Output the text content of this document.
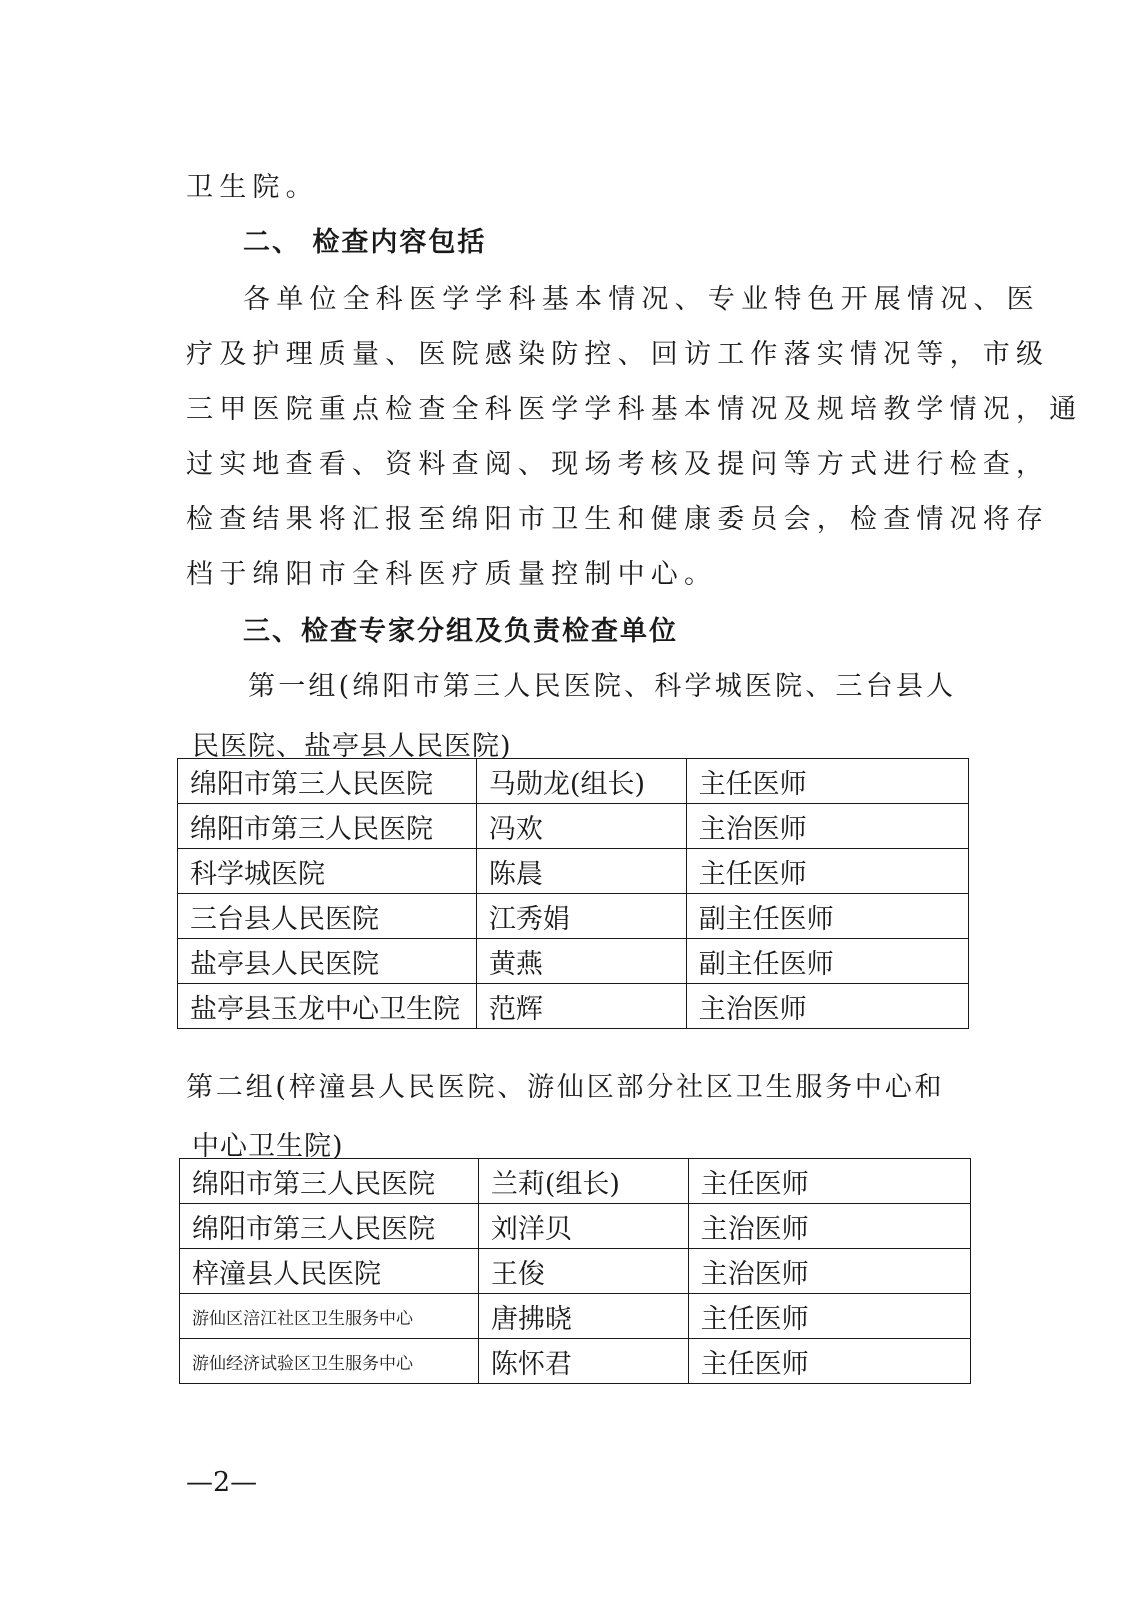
卫生院。

二、 检查内容包括

各单位全科医学学科基本情况、专业特色开展情况、医

疗及护理质量、医院感染防控、回访工作落实情况等，市级

三甲医院重点检查全科医学学科基本情况及规培教学情况，通

过实地查看、资料查阅、现场考核及提问等方式进行检查，

检查结果将汇报至绵阳市卫生和健康委员会，检查情况将存

档于绵阳市全科医疗质量控制中心。

三、检查专家分组及负责检查单位

第一组(绵阳市第三人民医院、科学城医院、三台县人

民医院、盐亭县人民医院)

绵阳市第三人民医院	马勋龙(组长)	主任医师
绵阳市第三人民医院	冯欢	主治医师
科学城医院	陈晨	主任医师
三台县人民医院	江秀娟	副主任医师
盐亭县人民医院	黄燕	副主任医师
盐亭县玉龙中心卫生院	范辉	主治医师

第二组(梓潼县人民医院、游仙区部分社区卫生服务中心和

中心卫生院)

绵阳市第三人民医院	兰莉(组长)	主任医师
绵阳市第三人民医院	刘洋贝	主治医师
梓潼县人民医院	王俊	主治医师
游仙区涪江社区卫生服务中心	唐拂晓	主任医师
游仙经济试验区卫生服务中心	陈怀君	主任医师
—2—
